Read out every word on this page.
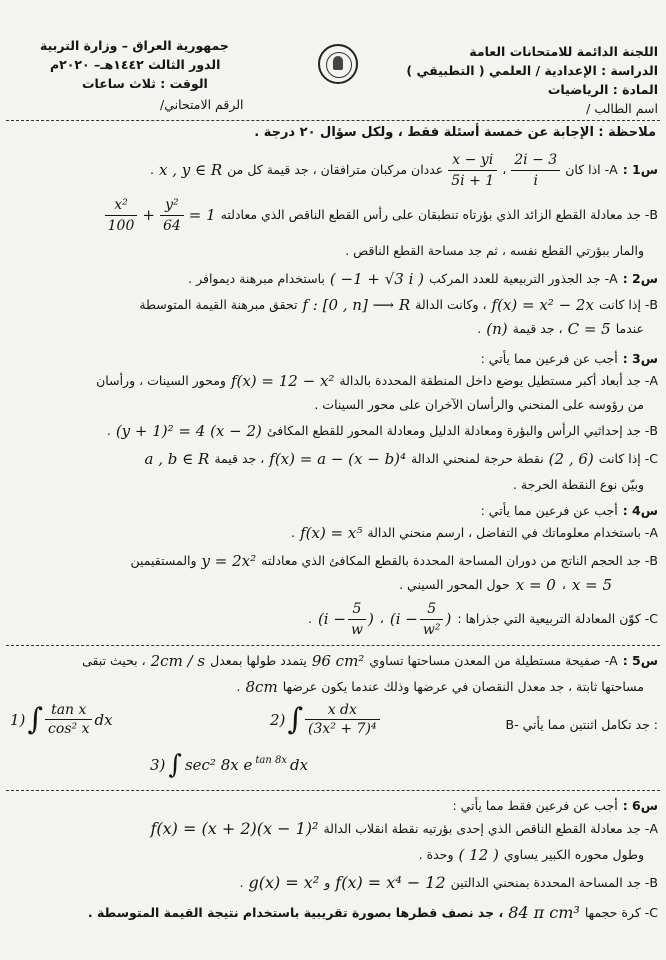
اللجنة الدائمة للامتحانات العامة
الدراسة : الإعدادية / العلمي ( التطبيقي )
المادة : الرياضيات
اسم الطالب /
جمهورية العراق – وزارة التربية
الدور الثالث ١٤٤٢هـ– ٢٠٢٠م
الوقت : ثلاث ساعات
الرقم الامتحاني/
ملاحظة : الإجابة عن خمسة أسئلة فقط ، ولكل سؤال ٢٠ درجة .
س1 :
A- اذا كان
$\frac{3 - 2i}{i}$
،
$\frac{x - yi}{1 + 5i}$
عددان مركبان مترافقان ، جد قيمة كل من
x , y ∈ R
.
B- جد معادلة القطع الزائد الذي بؤرتاه تنطبقان على رأس القطع الناقص الذي معادلته
= 1
$\frac{\text{y²}}{64}$
+
$\frac{\text{x²}}{100}$
والمار ببؤرتي القطع نفسه ، ثم جد مساحة القطع الناقص .
س2 :
A- جد الجذور التربيعية للعدد المركب
( −1 + √3 i )
باستخدام مبرهنة ديموافر .
B- إذا كانت
f(x) = x² − 2x
، وكانت الدالة
f : [0 , n] ⟶ R
تحقق مبرهنة القيمة المتوسطة
عندما
C = 5
، جد قيمة
(n)
.
س3 :
أجب عن فرعين مما يأتي :
A- جد أبعاد أكبر مستطيل يوضع داخل المنطقة المحددة بالدالة
f(x) = 12 − x²
ومحور السينات ، ورأسان
من رؤوسه على المنحني والرأسان الآخران على محور السينات .
B- جد إحداثيي الرأس والبؤرة ومعادلة الدليل ومعادلة المحور للقطع المكافئ
(y + 1)² = 4 (x − 2)
.
C- إذا كانت
(2 , 6)
نقطة حرجة لمنحني الدالة
f(x) = a − (x − b)⁴
، جد قيمة
a , b ∈ R
وبيّن نوع النقطة الحرجة .
س4 :
أجب عن فرعين مما يأتي :
A- باستخدام معلوماتك في التفاضل ، ارسم منحني الدالة
f(x) = x⁵
.
B- جد الحجم الناتج من دوران المساحة المحددة بالقطع المكافئ الذي معادلته
y = 2x²
والمستقيمين
x = 5
،
x = 0
حول المحور السيني .
C- كوّن المعادلة التربيعية التي جذراها :
($i - \frac{5}{\text{w²}}$ )
،
($i - \frac{5}{w}$ )
.
س5 :
A- صفيحة مستطيلة من المعدن مساحتها تساوي
96 cm²
يتمدد طولها بمعدل
2cm / s
، بحيث تبقى
مساحتها ثابتة ، جد معدل النقصان في عرضها وذلك عندما يكون عرضها
8cm
.
B- جد تكامل اثنتين مما يأتي :
1) ∫ $\frac{\text{tan x}}{\text{cos² x}}$ dx	2) ∫ $\frac{\text{x dx}}{\text{(3x² + 7)⁴}}$
3) ∫ sec² 8x e $^{tan 8x}$ dx
س6 :
أجب عن فرعين فقط مما يأتي :
A- جد معادلة القطع الناقص الذي إحدى بؤرتيه نقطة انقلاب الدالة
f(x) = (x + 2)(x − 1)²
وطول محوره الكبير يساوي
( 12 )
وحدة .
B- جد المساحة المحددة بمنحني الدالتين
f(x) = x⁴ − 12
و
g(x) = x²
.
C- كرة حجمها
84 π cm³
، جد نصف قطرها بصورة تقريبية باستخدام نتيجة القيمة المتوسطة .
